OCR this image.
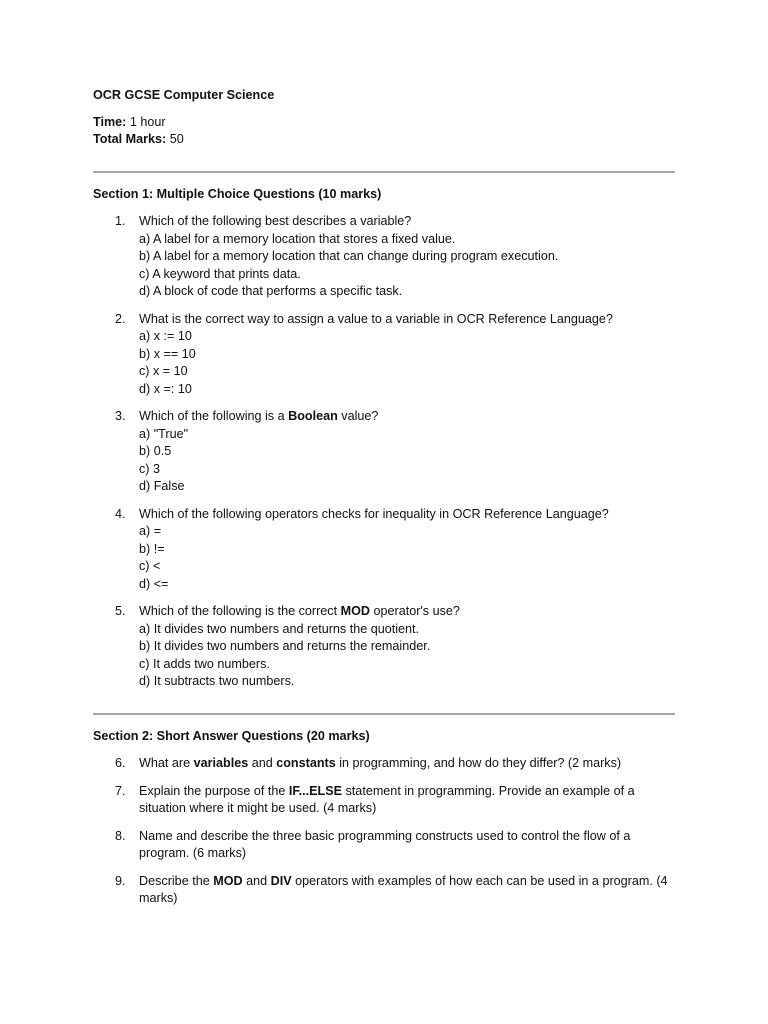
OCR GCSE Computer Science

Time: 1 hour

Total Marks: 50

Section 1: Multiple Choice Questions (10 marks)

1.	Which of the following best describes a variable?
a) A label for a memory location that stores a fixed value.
b) A label for a memory location that can change during program execution.
c) A keyword that prints data.
d) A block of code that performs a specific task.
2.	What is the correct way to assign a value to a variable in OCR Reference Language?
a) x := 10
b) x == 10
c) x = 10
d) x =: 10
3.	Which of the following is a Boolean value?
a) "True"
b) 0.5
c) 3
d) False
4.	Which of the following operators checks for inequality in OCR Reference Language?
a) =
b) !=
c) <
d) <=
5.	Which of the following is the correct MOD operator's use?
a) It divides two numbers and returns the quotient.
b) It divides two numbers and returns the remainder.
c) It adds two numbers.
d) It subtracts two numbers.

Section 2: Short Answer Questions (20 marks)

6.	What are variables and constants in programming, and how do they differ? (2 marks)
7.	Explain the purpose of the IF...ELSE statement in programming. Provide an example of a situation where it might be used. (4 marks)
8.	Name and describe the three basic programming constructs used to control the flow of a program. (6 marks)
9.	Describe the MOD and DIV operators with examples of how each can be used in a program. (4 marks)
